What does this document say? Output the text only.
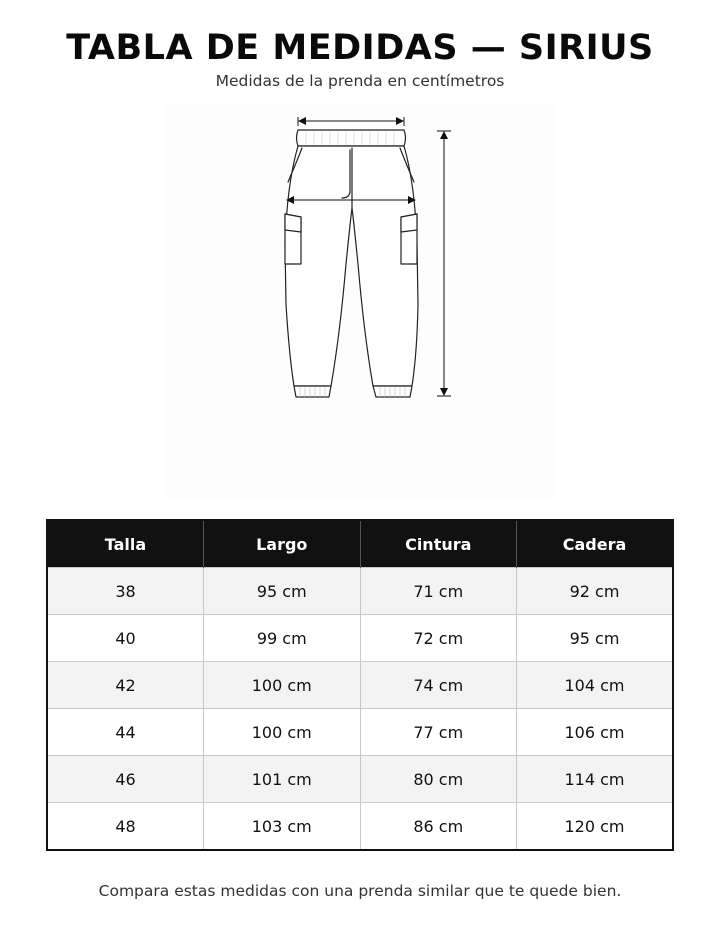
TABLA DE MEDIDAS — SIRIUS
Medidas de la prenda en centímetros
Talla	Largo	Cintura	Cadera
38	95 cm	71 cm	92 cm
40	99 cm	72 cm	95 cm
42	100 cm	74 cm	104 cm
44	100 cm	77 cm	106 cm
46	101 cm	80 cm	114 cm
48	103 cm	86 cm	120 cm
Compara estas medidas con una prenda similar que te quede bien.
